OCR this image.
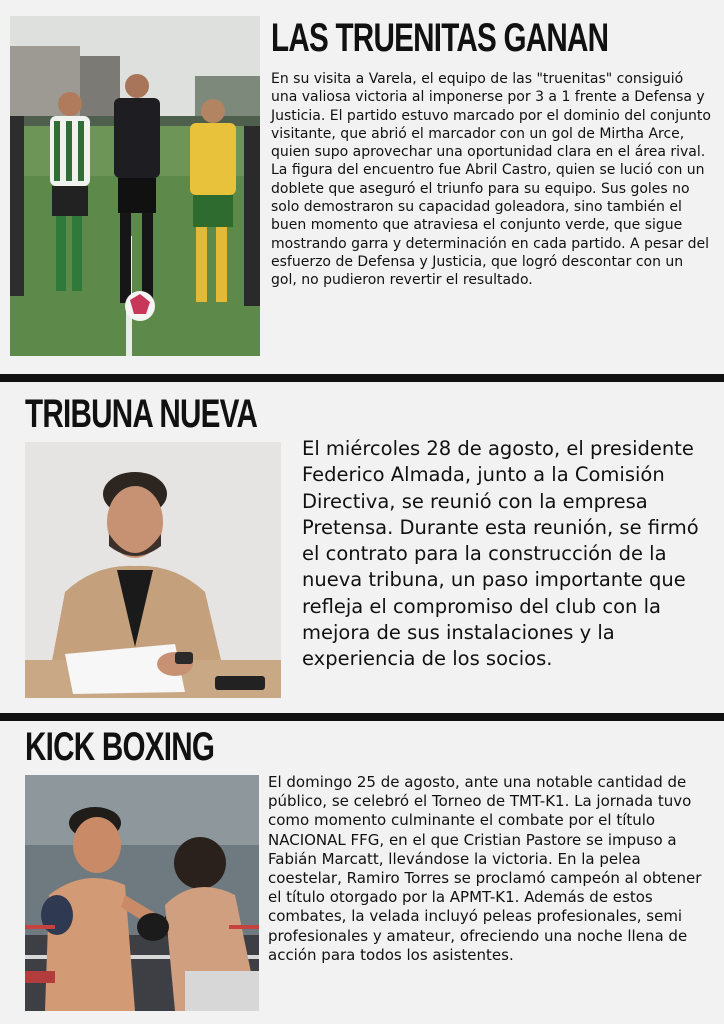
LAS TRUENITAS GANAN

En su visita a Varela, el equipo de las "truenitas" consiguió una valiosa victoria al imponerse por 3 a 1 frente a Defensa y Justicia. El partido estuvo marcado por el dominio del conjunto visitante, que abrió el marcador con un gol de Mirtha Arce, quien supo aprovechar una oportunidad clara en el área rival. La figura del encuentro fue Abril Castro, quien se lució con un doblete que aseguró el triunfo para su equipo. Sus goles no solo demostraron su capacidad goleadora, sino también el buen momento que atraviesa el conjunto verde, que sigue mostrando garra y determinación en cada partido. A pesar del esfuerzo de Defensa y Justicia, que logró descontar con un gol, no pudieron revertir el resultado.

TRIBUNA NUEVA

El miércoles 28 de agosto, el presidente Federico Almada, junto a la Comisión Directiva, se reunió con la empresa Pretensa. Durante esta reunión, se firmó el contrato para la construcción de la nueva tribuna, un paso importante que refleja el compromiso del club con la mejora de sus instalaciones y la experiencia de los socios.

KICK BOXING

El domingo 25 de agosto, ante una notable cantidad de público, se celebró el Torneo de TMT-K1. La jornada tuvo como momento culminante el combate por el título NACIONAL FFG, en el que Cristian Pastore se impuso a Fabián Marcatt, llevándose la victoria. En la pelea coestelar, Ramiro Torres se proclamó campeón al obtener el título otorgado por la APMT-K1. Además de estos combates, la velada incluyó peleas profesionales, semi profesionales y amateur, ofreciendo una noche llena de acción para todos los asistentes.
